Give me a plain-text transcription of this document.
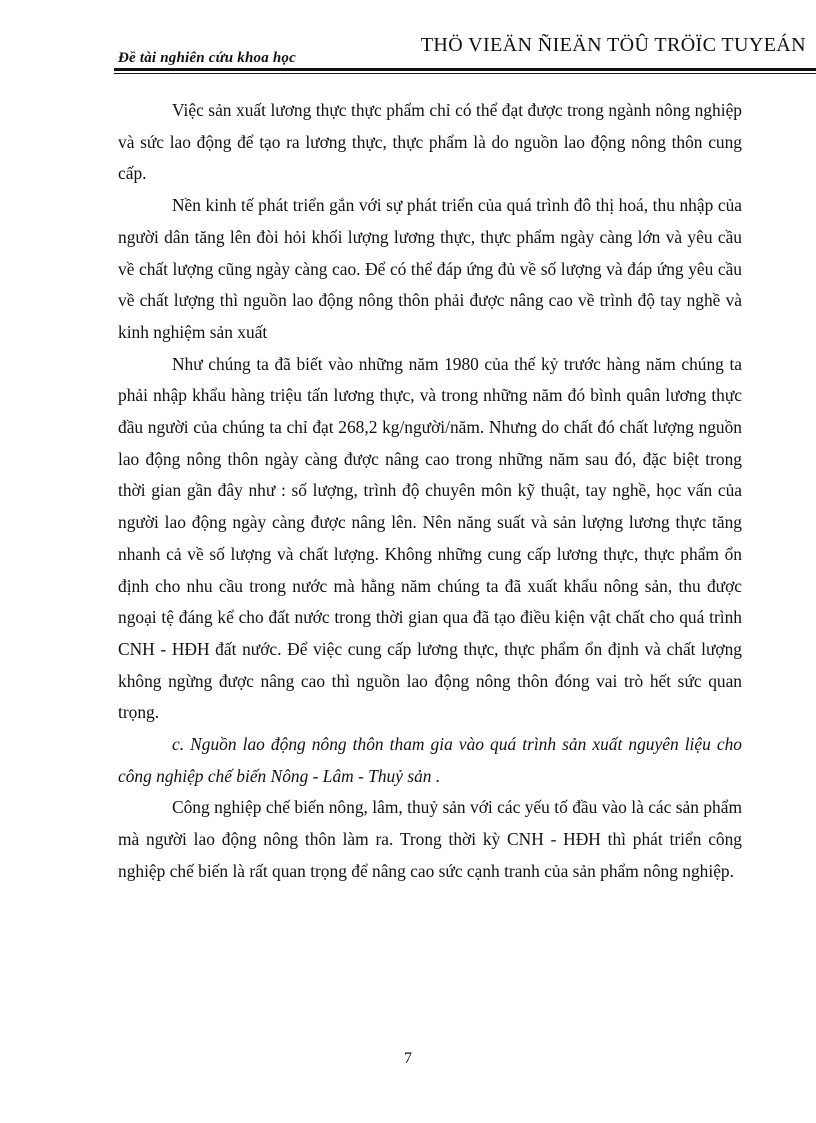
Đề tài nghiên cứu khoa học
THÖ VIEÄN ÑIEÄN TÖÛ TRÖÏC TUYEÁN

Việc sản xuất lương thực thực phẩm chỉ có thể đạt được trong ngành nông nghiệp và sức lao động để tạo ra lương thực, thực phẩm là do nguồn lao động nông thôn cung cấp.

Nền kinh tế phát triển gắn với sự phát triển của quá trình đô thị hoá, thu nhập của người dân tăng lên đòi hỏi khối lượng lương thực, thực phẩm ngày càng lớn và yêu cầu về chất lượng cũng ngày càng cao. Để có thể đáp ứng đủ về số lượng và đáp ứng yêu cầu về chất lượng thì nguồn lao động nông thôn phải được nâng cao về trình độ tay nghề và kinh nghiệm sản xuất

Như chúng ta đã biết vào những năm 1980 của thế kỷ trước hàng năm chúng ta phải nhập khẩu hàng triệu tấn lương thực, và trong những năm đó bình quân lương thực đầu người của chúng ta chỉ đạt 268,2 kg/người/năm. Nhưng do chất đó chất lượng nguồn lao động nông thôn ngày càng được nâng cao trong những năm sau đó, đặc biệt trong thời gian gần đây như : số lượng, trình độ chuyên môn kỹ thuật, tay nghề, học vấn của người lao động ngày càng được nâng lên. Nên năng suất và sản lượng lương thực tăng nhanh cả về số lượng và chất lượng. Không những cung cấp lương thực, thực phẩm ổn định cho nhu cầu trong nước mà hằng năm chúng ta đã xuất khẩu nông sản, thu được ngoại tệ đáng kể cho đất nước trong thời gian qua đã tạo điều kiện vật chất cho quá trình CNH - HĐH đất nước. Để việc cung cấp lương thực, thực phẩm ổn định và chất lượng không ngừng được nâng cao thì nguồn lao động nông thôn đóng vai trò hết sức quan trọng.

c. Nguồn lao động nông thôn tham gia vào quá trình sản xuất nguyên liệu cho công nghiệp chế biến Nông - Lâm - Thuỷ sản .

Công nghiệp chế biến nông, lâm, thuỷ sản với các yếu tố đầu vào là các sản phẩm mà người lao động nông thôn làm ra. Trong thời kỳ CNH - HĐH thì phát triển công nghiệp chế biến là rất quan trọng để nâng cao sức cạnh tranh của sản phẩm nông nghiệp.

7
